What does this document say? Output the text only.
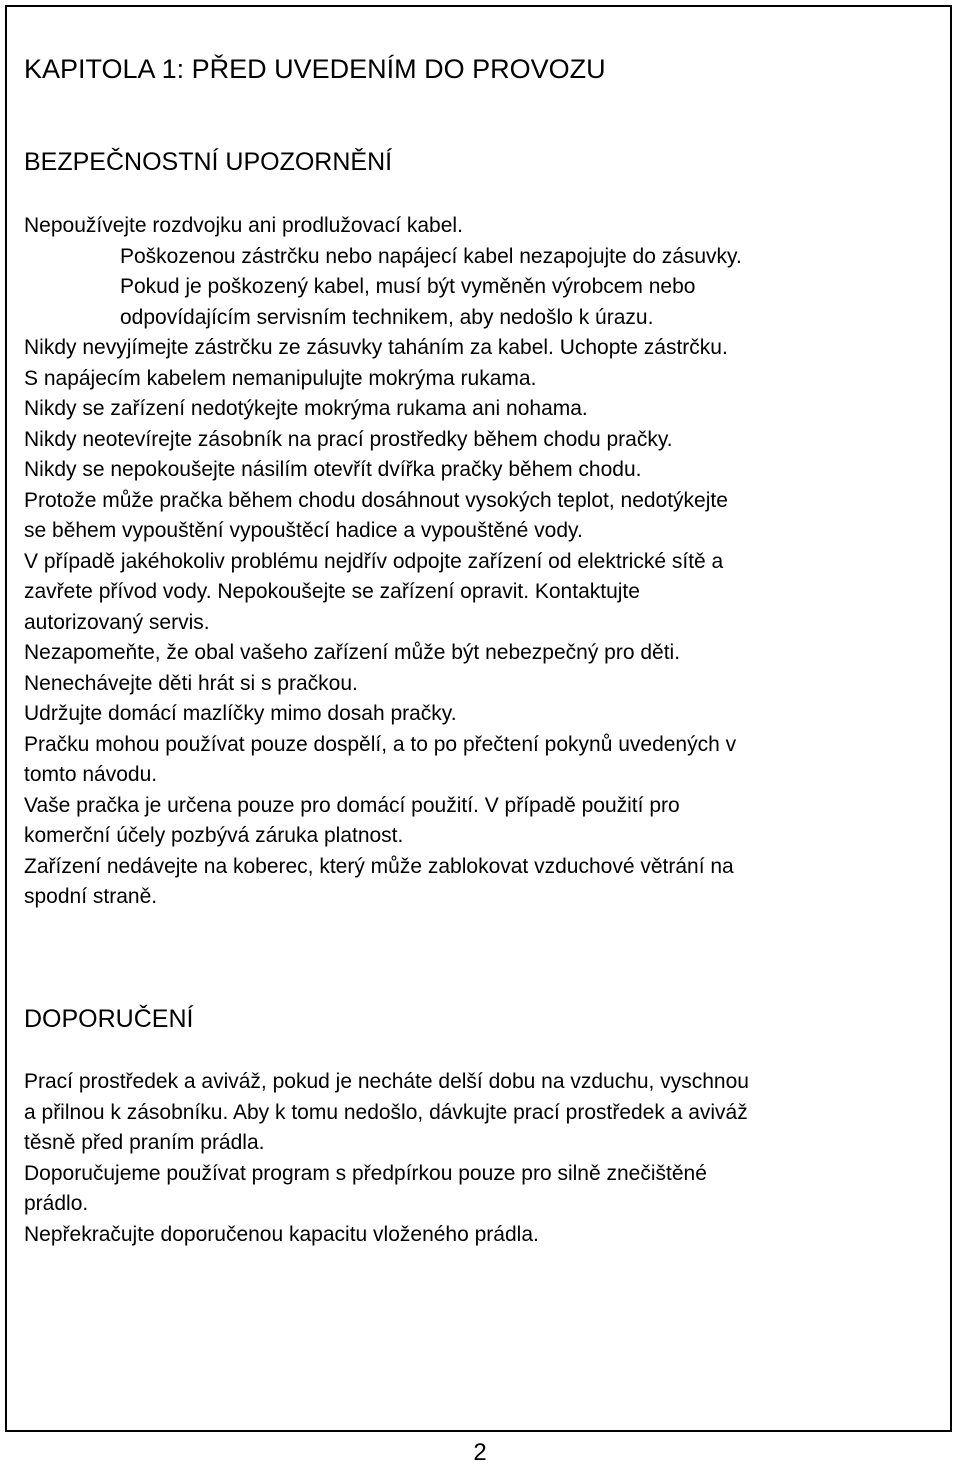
KAPITOLA 1: PŘED UVEDENÍM DO PROVOZU
BEZPEČNOSTNÍ UPOZORNĚNÍ
Nepoužívejte rozdvojku ani prodlužovací kabel.
Poškozenou zástrčku nebo napájecí kabel nezapojujte do zásuvky.
Pokud je poškozený kabel, musí být vyměněn výrobcem nebo
odpovídajícím servisním technikem, aby nedošlo k úrazu.
Nikdy nevyjímejte zástrčku ze zásuvky taháním za kabel. Uchopte zástrčku.
S napájecím kabelem nemanipulujte mokrýma rukama.
Nikdy se zařízení nedotýkejte mokrýma rukama ani nohama.
Nikdy neotevírejte zásobník na prací prostředky během chodu pračky.
Nikdy se nepokoušejte násilím otevřít dvířka pračky během chodu.
Protože může pračka během chodu dosáhnout vysokých teplot, nedotýkejte
se během vypouštění vypouštěcí hadice a vypouštěné vody.
V případě jakéhokoliv problému nejdřív odpojte zařízení od elektrické sítě a
zavřete přívod vody. Nepokoušejte se zařízení opravit. Kontaktujte
autorizovaný servis.
Nezapomeňte, že obal vašeho zařízení může být nebezpečný pro děti.
Nenechávejte děti hrát si s pračkou.
Udržujte domácí mazlíčky mimo dosah pračky.
Pračku mohou používat pouze dospělí, a to po přečtení pokynů uvedených v
tomto návodu.
Vaše pračka je určena pouze pro domácí použití. V případě použití pro
komerční účely pozbývá záruka platnost.
Zařízení nedávejte na koberec, který může zablokovat vzduchové větrání na
spodní straně.
DOPORUČENÍ
Prací prostředek a aviváž, pokud je necháte delší dobu na vzduchu, vyschnou
a přilnou k zásobníku. Aby k tomu nedošlo, dávkujte prací prostředek a aviváž
těsně před praním prádla.
Doporučujeme používat program s předpírkou pouze pro silně znečištěné
prádlo.
Nepřekračujte doporučenou kapacitu vloženého prádla.
2
